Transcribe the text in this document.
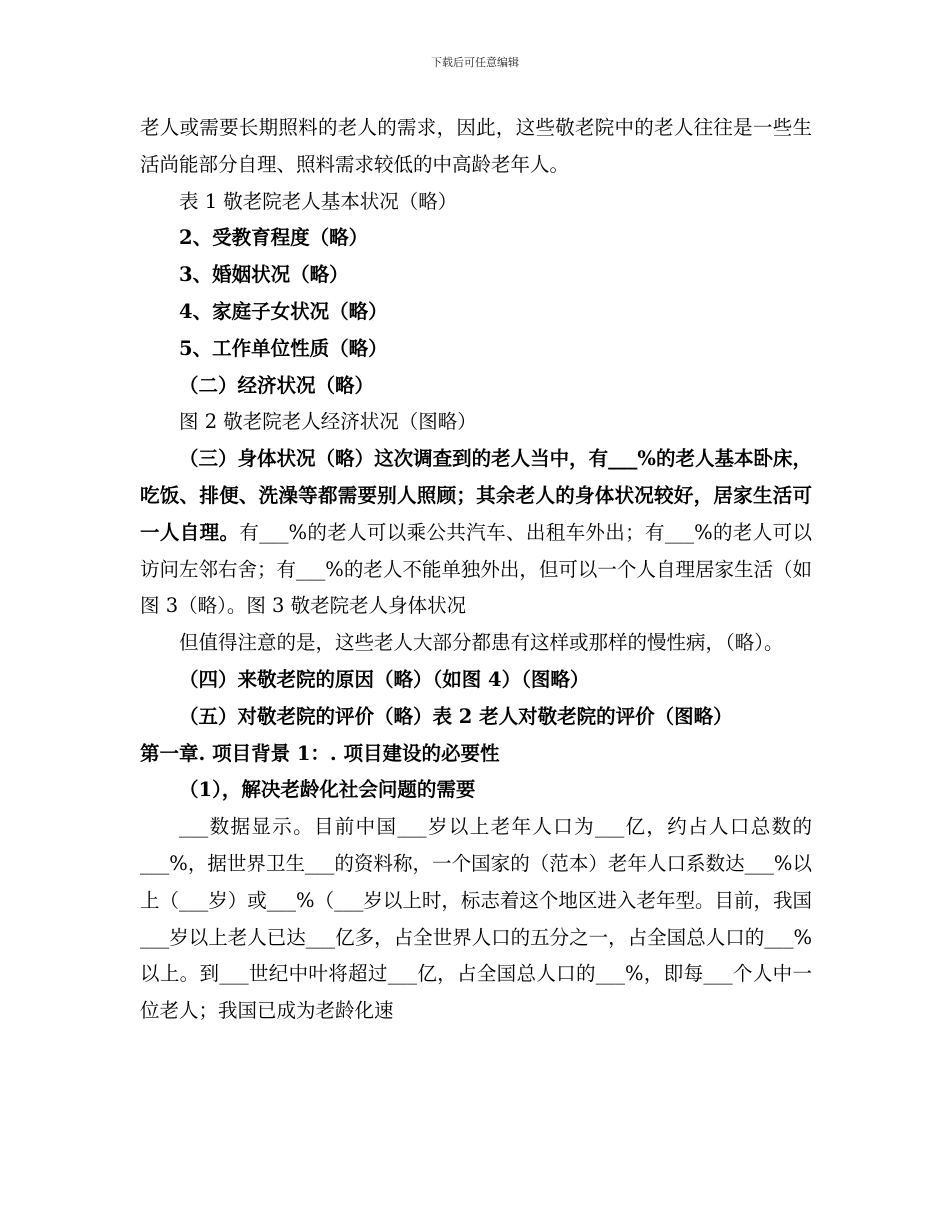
下载后可任意编辑

老人或需要长期照料的老人的需求，因此，这些敬老院中的老人往往是一些生活尚能部分自理、照料需求较低的中高龄老年人。

表 1 敬老院老人基本状况（略）

2、受教育程度（略）

3、婚姻状况（略）

4、家庭子女状况（略）

5、工作单位性质（略）

（二）经济状况（略）

图 2 敬老院老人经济状况（图略）

（三）身体状况（略）这次调查到的老人当中，有___%的老人基本卧床，吃饭、排便、洗澡等都需要别人照顾；其余老人的身体状况较好，居家生活可一人自理。有___%的老人可以乘公共汽车、出租车外出；有___%的老人可以访问左邻右舍；有___%的老人不能单独外出，但可以一个人自理居家生活（如图 3（略）。图 3 敬老院老人身体状况

但值得注意的是，这些老人大部分都患有这样或那样的慢性病，（略）。

（四）来敬老院的原因（略）（如图 4）（图略）

（五）对敬老院的评价（略）表 2 老人对敬老院的评价（图略）

第一章. 项目背景 1：. 项目建设的必要性

（1），解决老龄化社会问题的需要

___数据显示。目前中国___岁以上老年人口为___亿，约占人口总数的___%，据世界卫生___的资料称，一个国家的（范本）老年人口系数达___%以上（___岁）或___%（___岁以上时，标志着这个地区进入老年型。目前，我国___岁以上老人已达___亿多，占全世界人口的五分之一，占全国总人口的___%以上。到___世纪中叶将超过___亿，占全国总人口的___%，即每___个人中一位老人；我国已成为老龄化速
